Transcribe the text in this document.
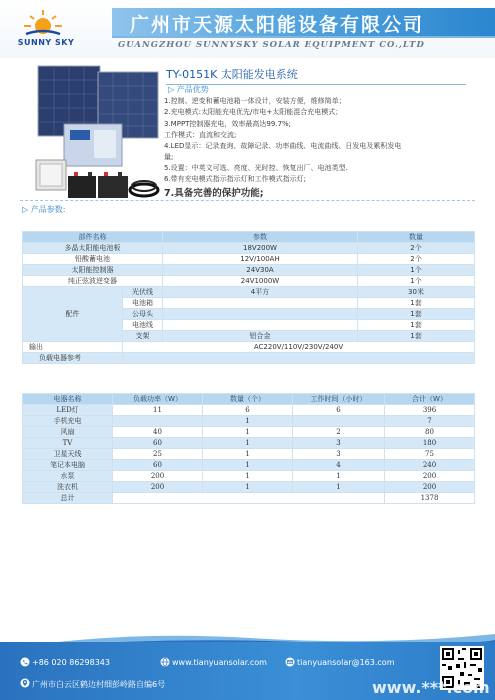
SUNNY SKY
广州市天源太阳能设备有限公司
GUANGZHOU SUNNYSKY SOLAR EQUIPMENT CO.,LTD
TY-0151K 太阳能发电系统
▷ 产品优势
1.控制、逆变和蓄电池箱一体设计，安装方便，维修简单；
2.充电模式:太阳能充电优先/市电+太阳能混合充电模式；
3.MPPT控制器充电，效率最高达99.7%;
工作模式：直流和交流;
4.LED显示：记录查询、故障记录、功率曲线、电流曲线、日发电及累积发电
量;
5.设置：中英文可选、亮度、光时控、恢复出厂、电池类型.
6.带有充电模式指示指示灯和工作模式指示灯;
7.具备完善的保护功能;
▷ 产品参数:
部件名称		参数	数量
多晶太阳能电池板		18V200W	2个
铅酸蓄电池		12V/100AH	2个
太阳能控制器		24V30A	1个
纯正弦波逆变器		24V1000W	1个
配件	光伏线	4平方	30米
	电池箱		1套
	公母头		1套
	电池线		1套
	支架	铝合金	1套
输出	AC220V/110V/230V/240V		
负载电器参考			
电器名称	负载功率（W）	数量（个）	工作时间（小时）	合计（W）
LED灯	11	6	6	396
手机充电		1		7
风扇	40	1	2	80
TV	60	1	3	180
卫星天线	25	1	3	75
笔记本电脑	60	1	4	240
水泵	200	1	1	200
洗衣机	200	1	1	200
总计				1378
+86 020 86298343	www.tianyuansolar.com	tianyuansolar@163.com
广州市白云区鹤边村细彭岭路自编6号	www.***.com
